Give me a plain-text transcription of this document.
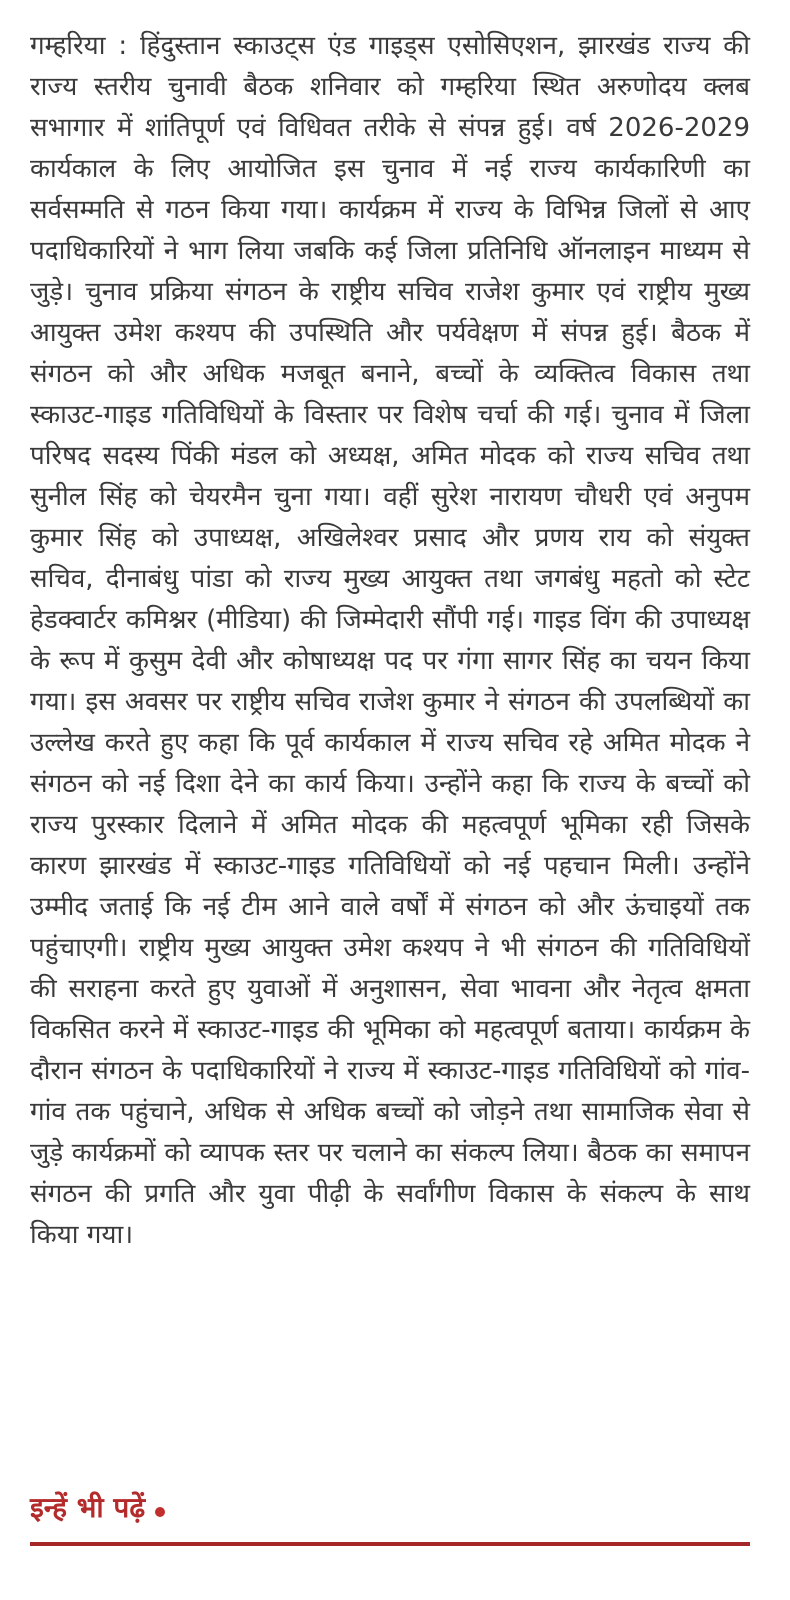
गम्हरिया : हिंदुस्तान स्काउट्स एंड गाइड्स एसोसिएशन, झारखंड राज्य की राज्य स्तरीय चुनावी बैठक शनिवार को गम्हरिया स्थित अरुणोदय क्लब सभागार में शांतिपूर्ण एवं विधिवत तरीके से संपन्न हुई। वर्ष 2026-2029 कार्यकाल के लिए आयोजित इस चुनाव में नई राज्य कार्यकारिणी का सर्वसम्मति से गठन किया गया। कार्यक्रम में राज्य के विभिन्न जिलों से आए पदाधिकारियों ने भाग लिया जबकि कई जिला प्रतिनिधि ऑनलाइन माध्यम से जुड़े। चुनाव प्रक्रिया संगठन के राष्ट्रीय सचिव राजेश कुमार एवं राष्ट्रीय मुख्य आयुक्त उमेश कश्यप की उपस्थिति और पर्यवेक्षण में संपन्न हुई। बैठक में संगठन को और अधिक मजबूत बनाने, बच्चों के व्यक्तित्व विकास तथा स्काउट-गाइड गतिविधियों के विस्तार पर विशेष चर्चा की गई। चुनाव में जिला परिषद सदस्य पिंकी मंडल को अध्यक्ष, अमित मोदक को राज्य सचिव तथा सुनील सिंह को चेयरमैन चुना गया। वहीं सुरेश नारायण चौधरी एवं अनुपम कुमार सिंह को उपाध्यक्ष, अखिलेश्वर प्रसाद और प्रणय राय को संयुक्त सचिव, दीनाबंधु पांडा को राज्य मुख्य आयुक्त तथा जगबंधु महतो को स्टेट हेडक्वार्टर कमिश्नर (मीडिया) की जिम्मेदारी सौंपी गई। गाइड विंग की उपाध्यक्ष के रूप में कुसुम देवी और कोषाध्यक्ष पद पर गंगा सागर सिंह का चयन किया गया। इस अवसर पर राष्ट्रीय सचिव राजेश कुमार ने संगठन की उपलब्धियों का उल्लेख करते हुए कहा कि पूर्व कार्यकाल में राज्य सचिव रहे अमित मोदक ने संगठन को नई दिशा देने का कार्य किया। उन्होंने कहा कि राज्य के बच्चों को राज्य पुरस्कार दिलाने में अमित मोदक की महत्वपूर्ण भूमिका रही जिसके कारण झारखंड में स्काउट-गाइड गतिविधियों को नई पहचान मिली। उन्होंने उम्मीद जताई कि नई टीम आने वाले वर्षों में संगठन को और ऊंचाइयों तक पहुंचाएगी। राष्ट्रीय मुख्य आयुक्त उमेश कश्यप ने भी संगठन की गतिविधियों की सराहना करते हुए युवाओं में अनुशासन, सेवा भावना और नेतृत्व क्षमता विकसित करने में स्काउट-गाइड की भूमिका को महत्वपूर्ण बताया। कार्यक्रम के दौरान संगठन के पदाधिकारियों ने राज्य में स्काउट-गाइड गतिविधियों को गांव-गांव तक पहुंचाने, अधिक से अधिक बच्चों को जोड़ने तथा सामाजिक सेवा से जुड़े कार्यक्रमों को व्यापक स्तर पर चलाने का संकल्प लिया। बैठक का समापन संगठन की प्रगति और युवा पीढ़ी के सर्वांगीण विकास के संकल्प के साथ किया गया।

इन्हें भी पढ़ें
